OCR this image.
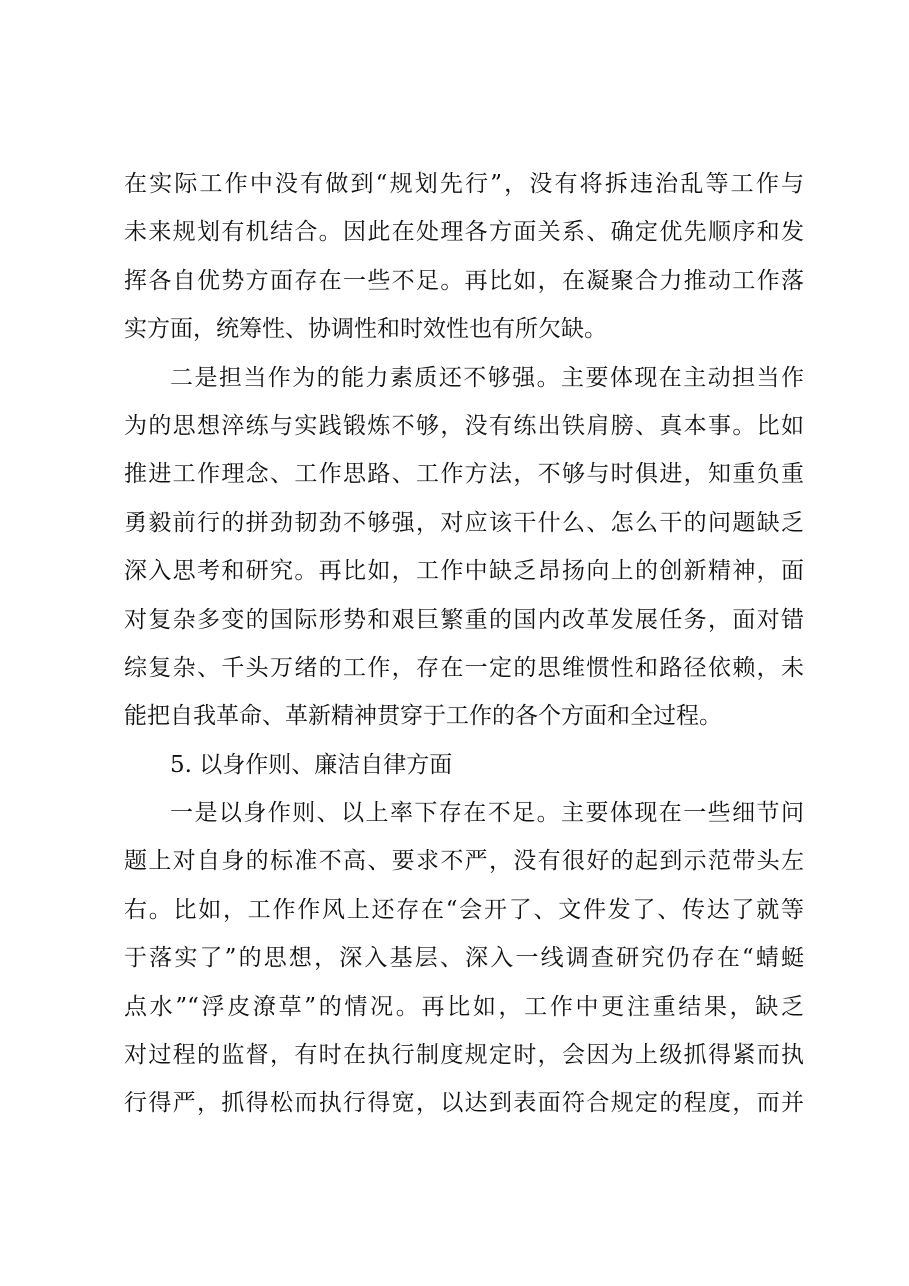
在实际工作中没有做到“规划先行”，没有将拆违治乱等工作与
未来规划有机结合。因此在处理各方面关系、确定优先顺序和发
挥各自优势方面存在一些不足。再比如，在凝聚合力推动工作落
实方面，统筹性、协调性和时效性也有所欠缺。
二是担当作为的能力素质还不够强。主要体现在主动担当作
为的思想淬练与实践锻炼不够，没有练出铁肩膀、真本事。比如
推进工作理念、工作思路、工作方法，不够与时俱进，知重负重
勇毅前行的拼劲韧劲不够强，对应该干什么、怎么干的问题缺乏
深入思考和研究。再比如，工作中缺乏昂扬向上的创新精神，面
对复杂多变的国际形势和艰巨繁重的国内改革发展任务，面对错
综复杂、千头万绪的工作，存在一定的思维惯性和路径依赖，未
能把自我革命、革新精神贯穿于工作的各个方面和全过程。
5. 以身作则、廉洁自律方面
一是以身作则、以上率下存在不足。主要体现在一些细节问
题上对自身的标准不高、要求不严，没有很好的起到示范带头左
右。比如，工作作风上还存在“会开了、文件发了、传达了就等
于落实了”的思想，深入基层、深入一线调查研究仍存在“蜻蜓
点水”“浮皮潦草”的情况。再比如，工作中更注重结果，缺乏
对过程的监督，有时在执行制度规定时，会因为上级抓得紧而执
行得严，抓得松而执行得宽，以达到表面符合规定的程度，而并
